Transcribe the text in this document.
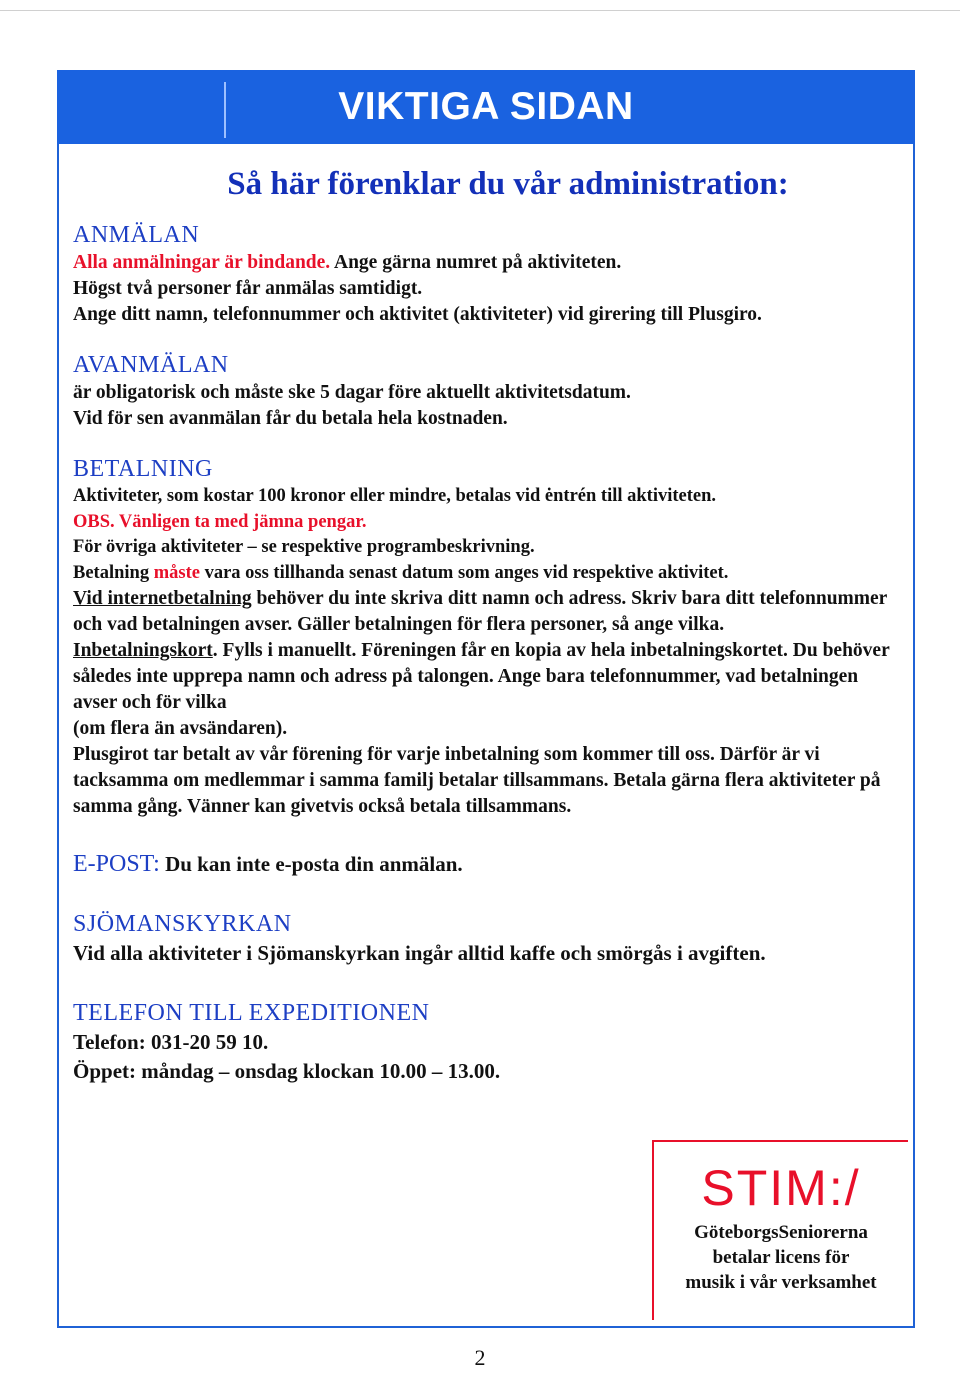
VIKTIGA SIDAN
Så här förenklar du vår administration:
ANMÄLAN

Alla anmälningar är bindande. Ange gärna numret på aktiviteten.

Högst två personer får anmälas samtidigt.

Ange ditt namn, telefonnummer och aktivitet (aktiviteter) vid girering till Plusgiro.

AVANMÄLAN

är obligatorisk och måste ske 5 dagar före aktuellt aktivitetsdatum.

Vid för sen avanmälan får du betala hela kostnaden.

BETALNING

Aktiviteter, som kostar 100 kronor eller mindre, betalas vid ėntrén till aktiviteten.

OBS. Vänligen ta med jämna pengar.

För övriga aktiviteter – se respektive programbeskrivning.

Betalning måste vara oss tillhanda senast datum som anges vid respektive aktivitet.

Vid internetbetalning behöver du inte skriva ditt namn och adress. Skriv bara ditt telefonnummer och vad betalningen avser. Gäller betalningen för flera personer, så ange vilka.

Inbetalningskort. Fylls i manuellt. Föreningen får en kopia av hela inbetalningskortet. Du behöver således inte upprepa namn och adress på talongen. Ange bara telefonnummer, vad betalningen avser och för vilka

(om flera än avsändaren).

Plusgirot tar betalt av vår förening för varje inbetalning som kommer till oss. Därför är vi tacksamma om medlemmar i samma familj betalar tillsammans. Betala gärna flera aktiviteter på samma gång. Vänner kan givetvis också betala tillsammans.

E-POST: Du kan inte e-posta din anmälan.

SJÖMANSKYRKAN

Vid alla aktiviteter i Sjömanskyrkan ingår alltid kaffe och smörgås i avgiften.

TELEFON TILL EXPEDITIONEN

Telefon: 031-20 59 10.

Öppet: måndag – onsdag klockan 10.00 – 13.00.

STIM:/
GöteborgsSeniorerna
betalar licens för
musik i vår verksamhet
2
